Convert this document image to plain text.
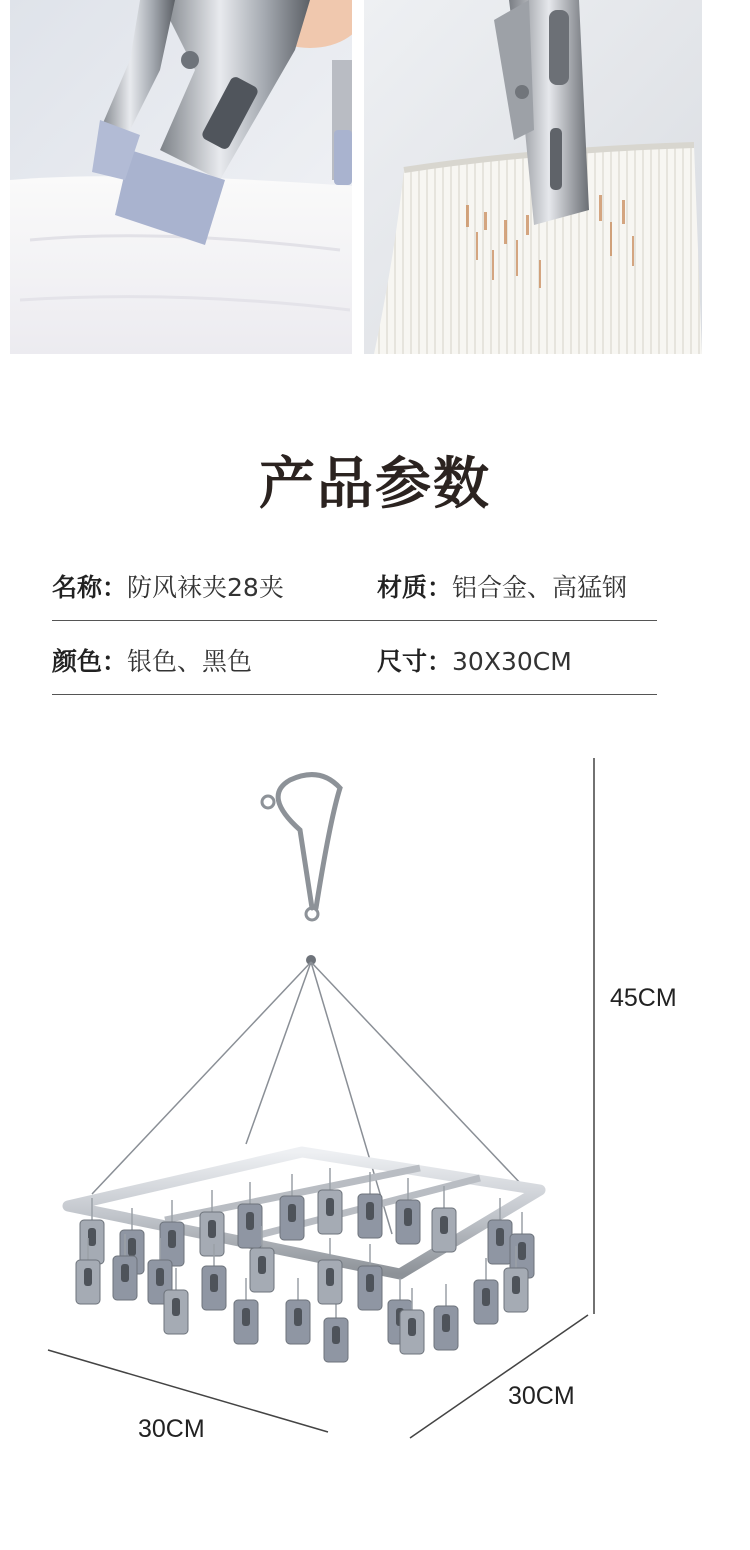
产品参数
名称：防风袜夹28夹	材质：铝合金、高猛钢
颜色：银色、黑色	尺寸：30X30CM
45CM
30CM
30CM
